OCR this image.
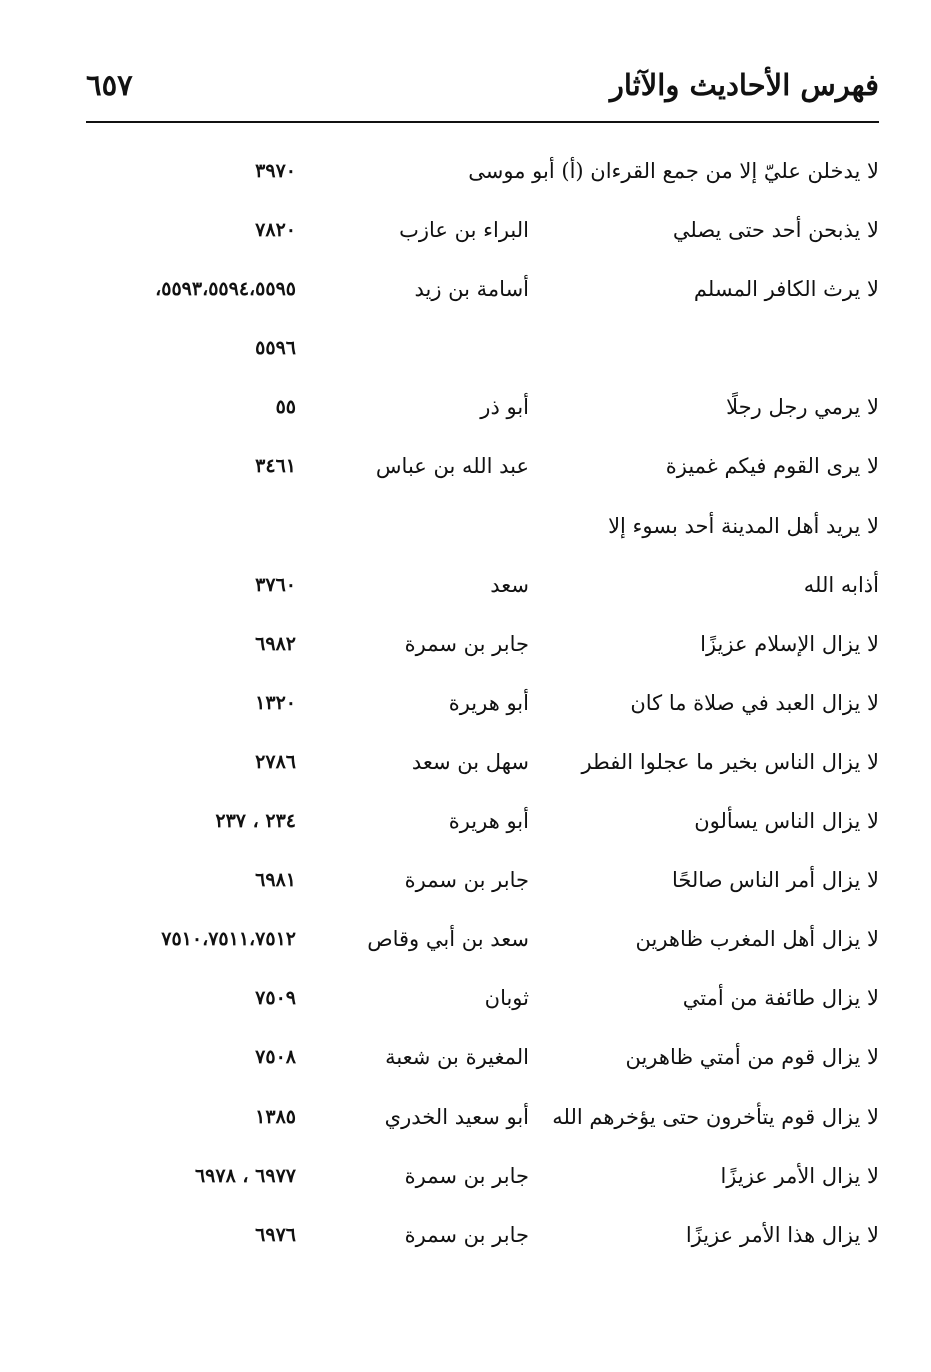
فهرس الأحاديث والآثار
٦٥٧
لا يدخلن عليّ إلا من جمع القرءان (أ) أبو موسى
٣٩٧٠
لا يذبحن أحد حتى يصلي
البراء بن عازب
٧٨٢٠
لا يرث الكافر المسلم
أسامة بن زيد
٥٥٩٣،٥٥٩٤،٥٥٩٥،
٥٥٩٦
لا يرمي رجل رجلًا
أبو ذر
٥٥
لا يرى القوم فيكم غميزة
عبد الله بن عباس
٣٤٦١
لا يريد أهل المدينة أحد بسوء إلا
أذابه الله
سعد
٣٧٦٠
لا يزال الإسلام عزيزًا
جابر بن سمرة
٦٩٨٢
لا يزال العبد في صلاة ما كان
أبو هريرة
١٣٢٠
لا يزال الناس بخير ما عجلوا الفطر
سهل بن سعد
٢٧٨٦
لا يزال الناس يسألون
أبو هريرة
٢٣٤ ، ٢٣٧
لا يزال أمر الناس صالحًا
جابر بن سمرة
٦٩٨١
لا يزال أهل المغرب ظاهرين
سعد بن أبي وقاص
٧٥١٠،٧٥١١،٧٥١٢
لا يزال طائفة من أمتي
ثوبان
٧٥٠٩
لا يزال قوم من أمتي ظاهرين
المغيرة بن شعبة
٧٥٠٨
لا يزال قوم يتأخرون حتى يؤخرهم الله
أبو سعيد الخدري
١٣٨٥
لا يزال الأمر عزيزًا
جابر بن سمرة
٦٩٧٧ ، ٦٩٧٨
لا يزال هذا الأمر عزيزًا
جابر بن سمرة
٦٩٧٦
